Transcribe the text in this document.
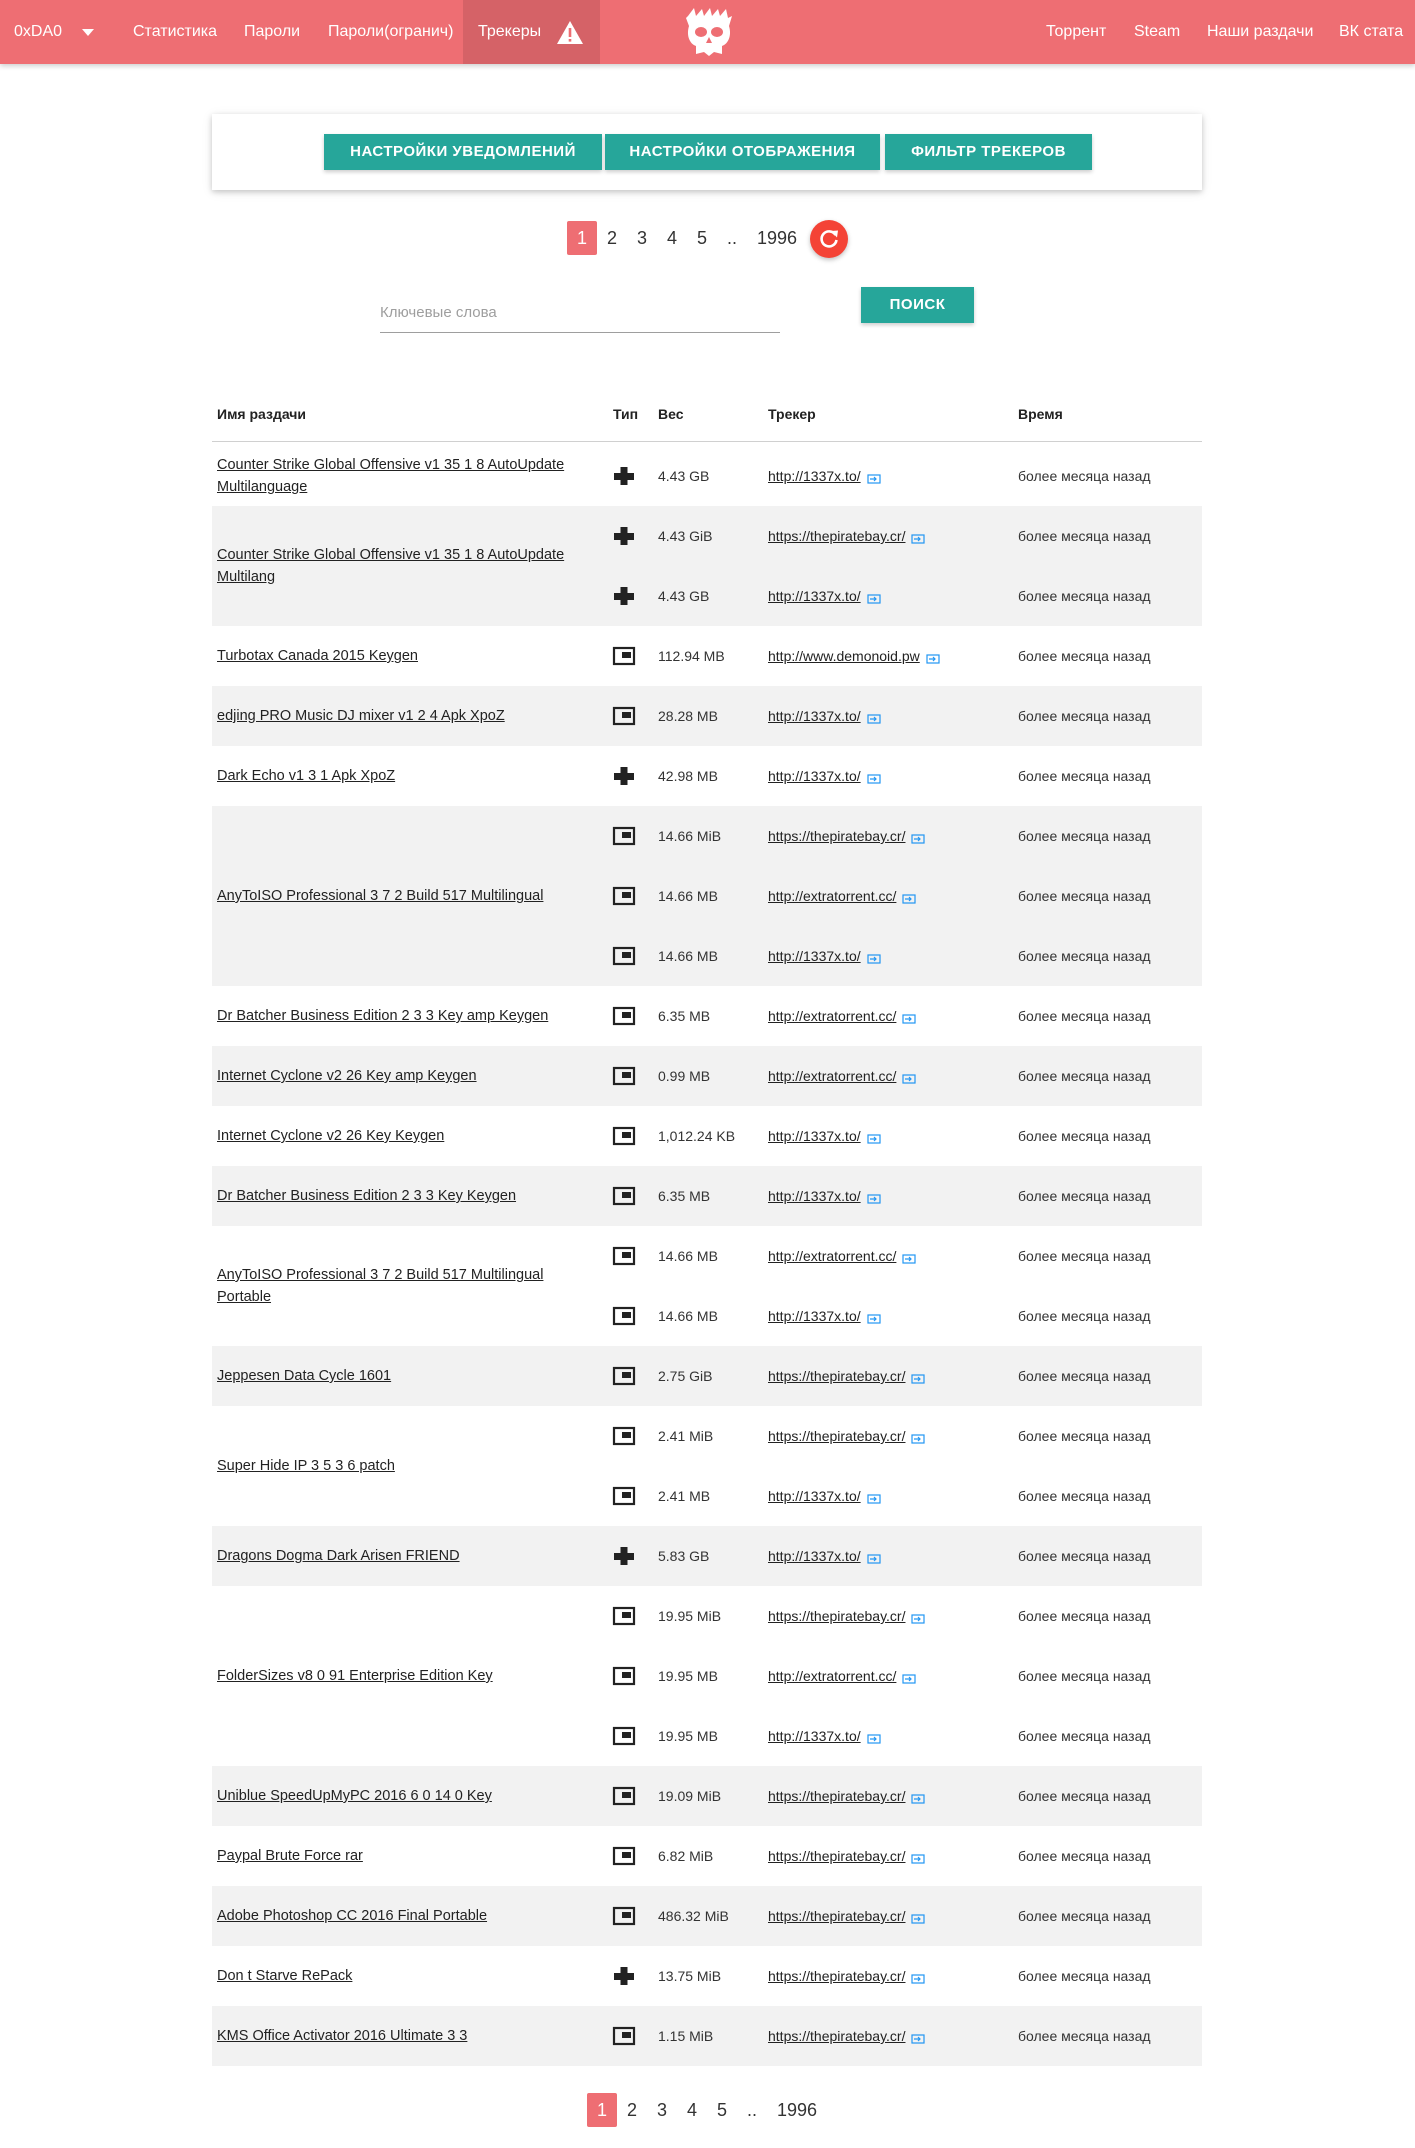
0xDA0	Статистика Пароли Пароли(огранич) Трекеры	Торрент Steam Наши раздачи ВК стата
НАСТРОЙКИ УВЕДОМЛЕНИЙ	НАСТРОЙКИ ОТОБРАЖЕНИЯ	ФИЛЬТР ТРЕКЕРОВ
1	2	3	4	5	..	1996
Ключевые слова
ПОИСК
Имя раздачи	Тип Вес	Трекер	Время
Counter Strike Global Offensive v1 35 1 8 AutoUpdate Multilanguage
4.43 GB	http://1337x.to/	более месяца назад
Counter Strike Global Offensive v1 35 1 8 AutoUpdate Multilang
4.43 GiB	https://thepiratebay.cr/	более месяца назад
4.43 GB	http://1337x.to/	более месяца назад
Turbotax Canada 2015 Keygen	112.94 MB	http://www.demonoid.pw	более месяца назад
edjing PRO Music DJ mixer v1 2 4 Apk XpoZ	28.28 MB	http://1337x.to/	более месяца назад
Dark Echo v1 3 1 Apk XpoZ	42.98 MB	http://1337x.to/	более месяца назад
AnyToISO Professional 3 7 2 Build 517 Multilingual
14.66 MiB	https://thepiratebay.cr/	более месяца назад
14.66 MB	http://extratorrent.cc/	более месяца назад
14.66 MB	http://1337x.to/	более месяца назад
Dr Batcher Business Edition 2 3 3 Key amp Keygen	6.35 MB	http://extratorrent.cc/	более месяца назад
Internet Cyclone v2 26 Key amp Keygen	0.99 MB	http://extratorrent.cc/	более месяца назад
Internet Cyclone v2 26 Key Keygen	1,012.24 KB http://1337x.to/	более месяца назад
Dr Batcher Business Edition 2 3 3 Key Keygen	6.35 MB	http://1337x.to/	более месяца назад
AnyToISO Professional 3 7 2 Build 517 Multilingual Portable
14.66 MB	http://extratorrent.cc/	более месяца назад
14.66 MB	http://1337x.to/	более месяца назад
Jeppesen Data Cycle 1601	2.75 GiB	https://thepiratebay.cr/	более месяца назад
Super Hide IP 3 5 3 6 patch
2.41 MiB	https://thepiratebay.cr/	более месяца назад
2.41 MB	http://1337x.to/	более месяца назад
Dragons Dogma Dark Arisen FRIEND	5.83 GB	http://1337x.to/	более месяца назад
FolderSizes v8 0 91 Enterprise Edition Key
19.95 MiB	https://thepiratebay.cr/	более месяца назад
19.95 MB	http://extratorrent.cc/	более месяца назад
19.95 MB	http://1337x.to/	более месяца назад
Uniblue SpeedUpMyPC 2016 6 0 14 0 Key	19.09 MiB	https://thepiratebay.cr/	более месяца назад
Paypal Brute Force rar	6.82 MiB	https://thepiratebay.cr/	более месяца назад
Adobe Photoshop CC 2016 Final Portable	486.32 MiB	https://thepiratebay.cr/	более месяца назад
Don t Starve RePack	13.75 MiB	https://thepiratebay.cr/	более месяца назад
KMS Office Activator 2016 Ultimate 3 3	1.15 MiB	https://thepiratebay.cr/	более месяца назад
1	2	3	4	5	..	1996
